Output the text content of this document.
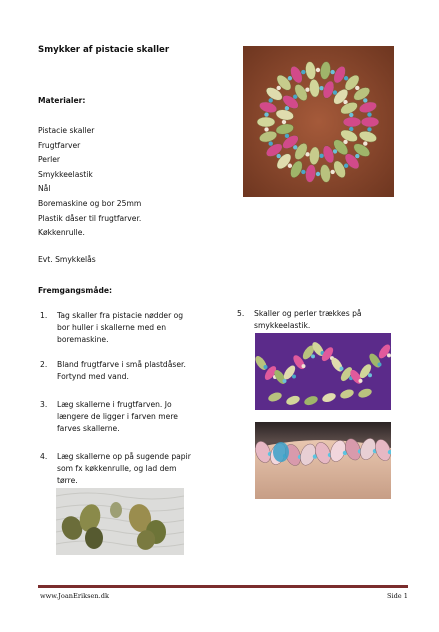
Smykker af pistacie skaller
Materialer:
Pistacie skaller
Frugtfarver
Perler
Smykkeelastik
Nål
Boremaskine og bor 25mm
Plastik dåser til frugtfarver.
Køkkenrulle.
Evt. Smykkelås
Fremgangsmåde:
1. Tag skaller fra pistacie nødder og
bor huller i skallerne med en
boremaskine.
2. Bland frugtfarve i små plastdåser.
Fortynd med vand.
3. Læg skallerne i frugtfarven. Jo
længere de ligger i farven mere
farves skallerne.
4. Læg skallerne op på sugende papir
som fx køkkenrulle, og lad dem
tørre.
5. Skaller og perler trækkes på
smykkeelastik.
www.JoanEriksen.dk	Side 1
